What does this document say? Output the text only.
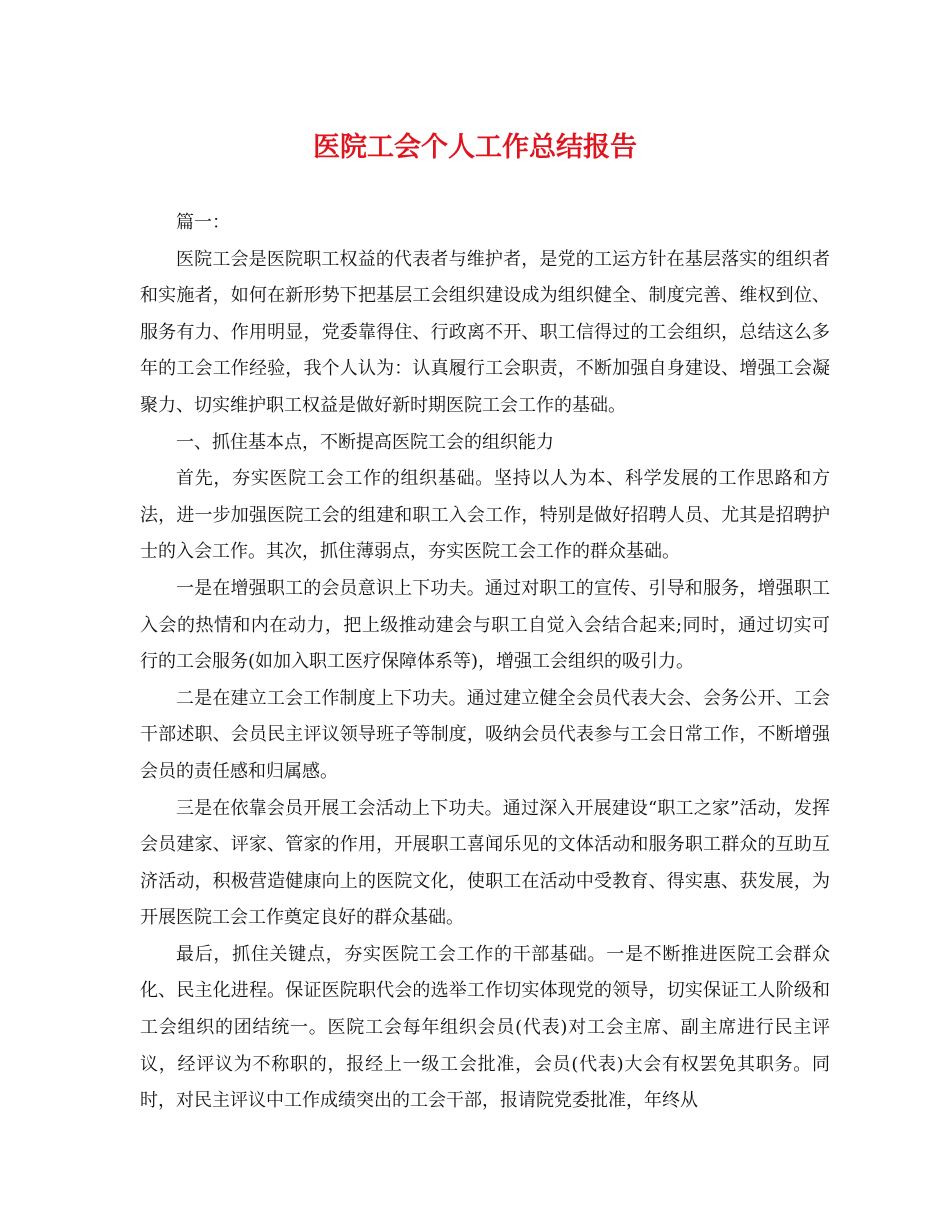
医院工会个人工作总结报告

篇一：

医院工会是医院职工权益的代表者与维护者，是党的工运方针在基层落实的组织者和实施者，如何在新形势下把基层工会组织建设成为组织健全、制度完善、维权到位、服务有力、作用明显，党委靠得住、行政离不开、职工信得过的工会组织，总结这么多年的工会工作经验，我个人认为：认真履行工会职责，不断加强自身建设、增强工会凝聚力、切实维护职工权益是做好新时期医院工会工作的基础。

一、抓住基本点，不断提高医院工会的组织能力

首先，夯实医院工会工作的组织基础。坚持以人为本、科学发展的工作思路和方法，进一步加强医院工会的组建和职工入会工作，特别是做好招聘人员、尤其是招聘护士的入会工作。其次，抓住薄弱点，夯实医院工会工作的群众基础。

一是在增强职工的会员意识上下功夫。通过对职工的宣传、引导和服务，增强职工入会的热情和内在动力，把上级推动建会与职工自觉入会结合起来;同时，通过切实可行的工会服务(如加入职工医疗保障体系等)，增强工会组织的吸引力。

二是在建立工会工作制度上下功夫。通过建立健全会员代表大会、会务公开、工会干部述职、会员民主评议领导班子等制度，吸纳会员代表参与工会日常工作，不断增强会员的责任感和归属感。

三是在依靠会员开展工会活动上下功夫。通过深入开展建设“职工之家”活动，发挥会员建家、评家、管家的作用，开展职工喜闻乐见的文体活动和服务职工群众的互助互济活动，积极营造健康向上的医院文化，使职工在活动中受教育、得实惠、获发展，为开展医院工会工作奠定良好的群众基础。

最后，抓住关键点，夯实医院工会工作的干部基础。一是不断推进医院工会群众化、民主化进程。保证医院职代会的选举工作切实体现党的领导，切实保证工人阶级和工会组织的团结统一。医院工会每年组织会员(代表)对工会主席、副主席进行民主评议，经评议为不称职的，报经上一级工会批准，会员(代表)大会有权罢免其职务。同时，对民主评议中工作成绩突出的工会干部，报请院党委批准，年终从
